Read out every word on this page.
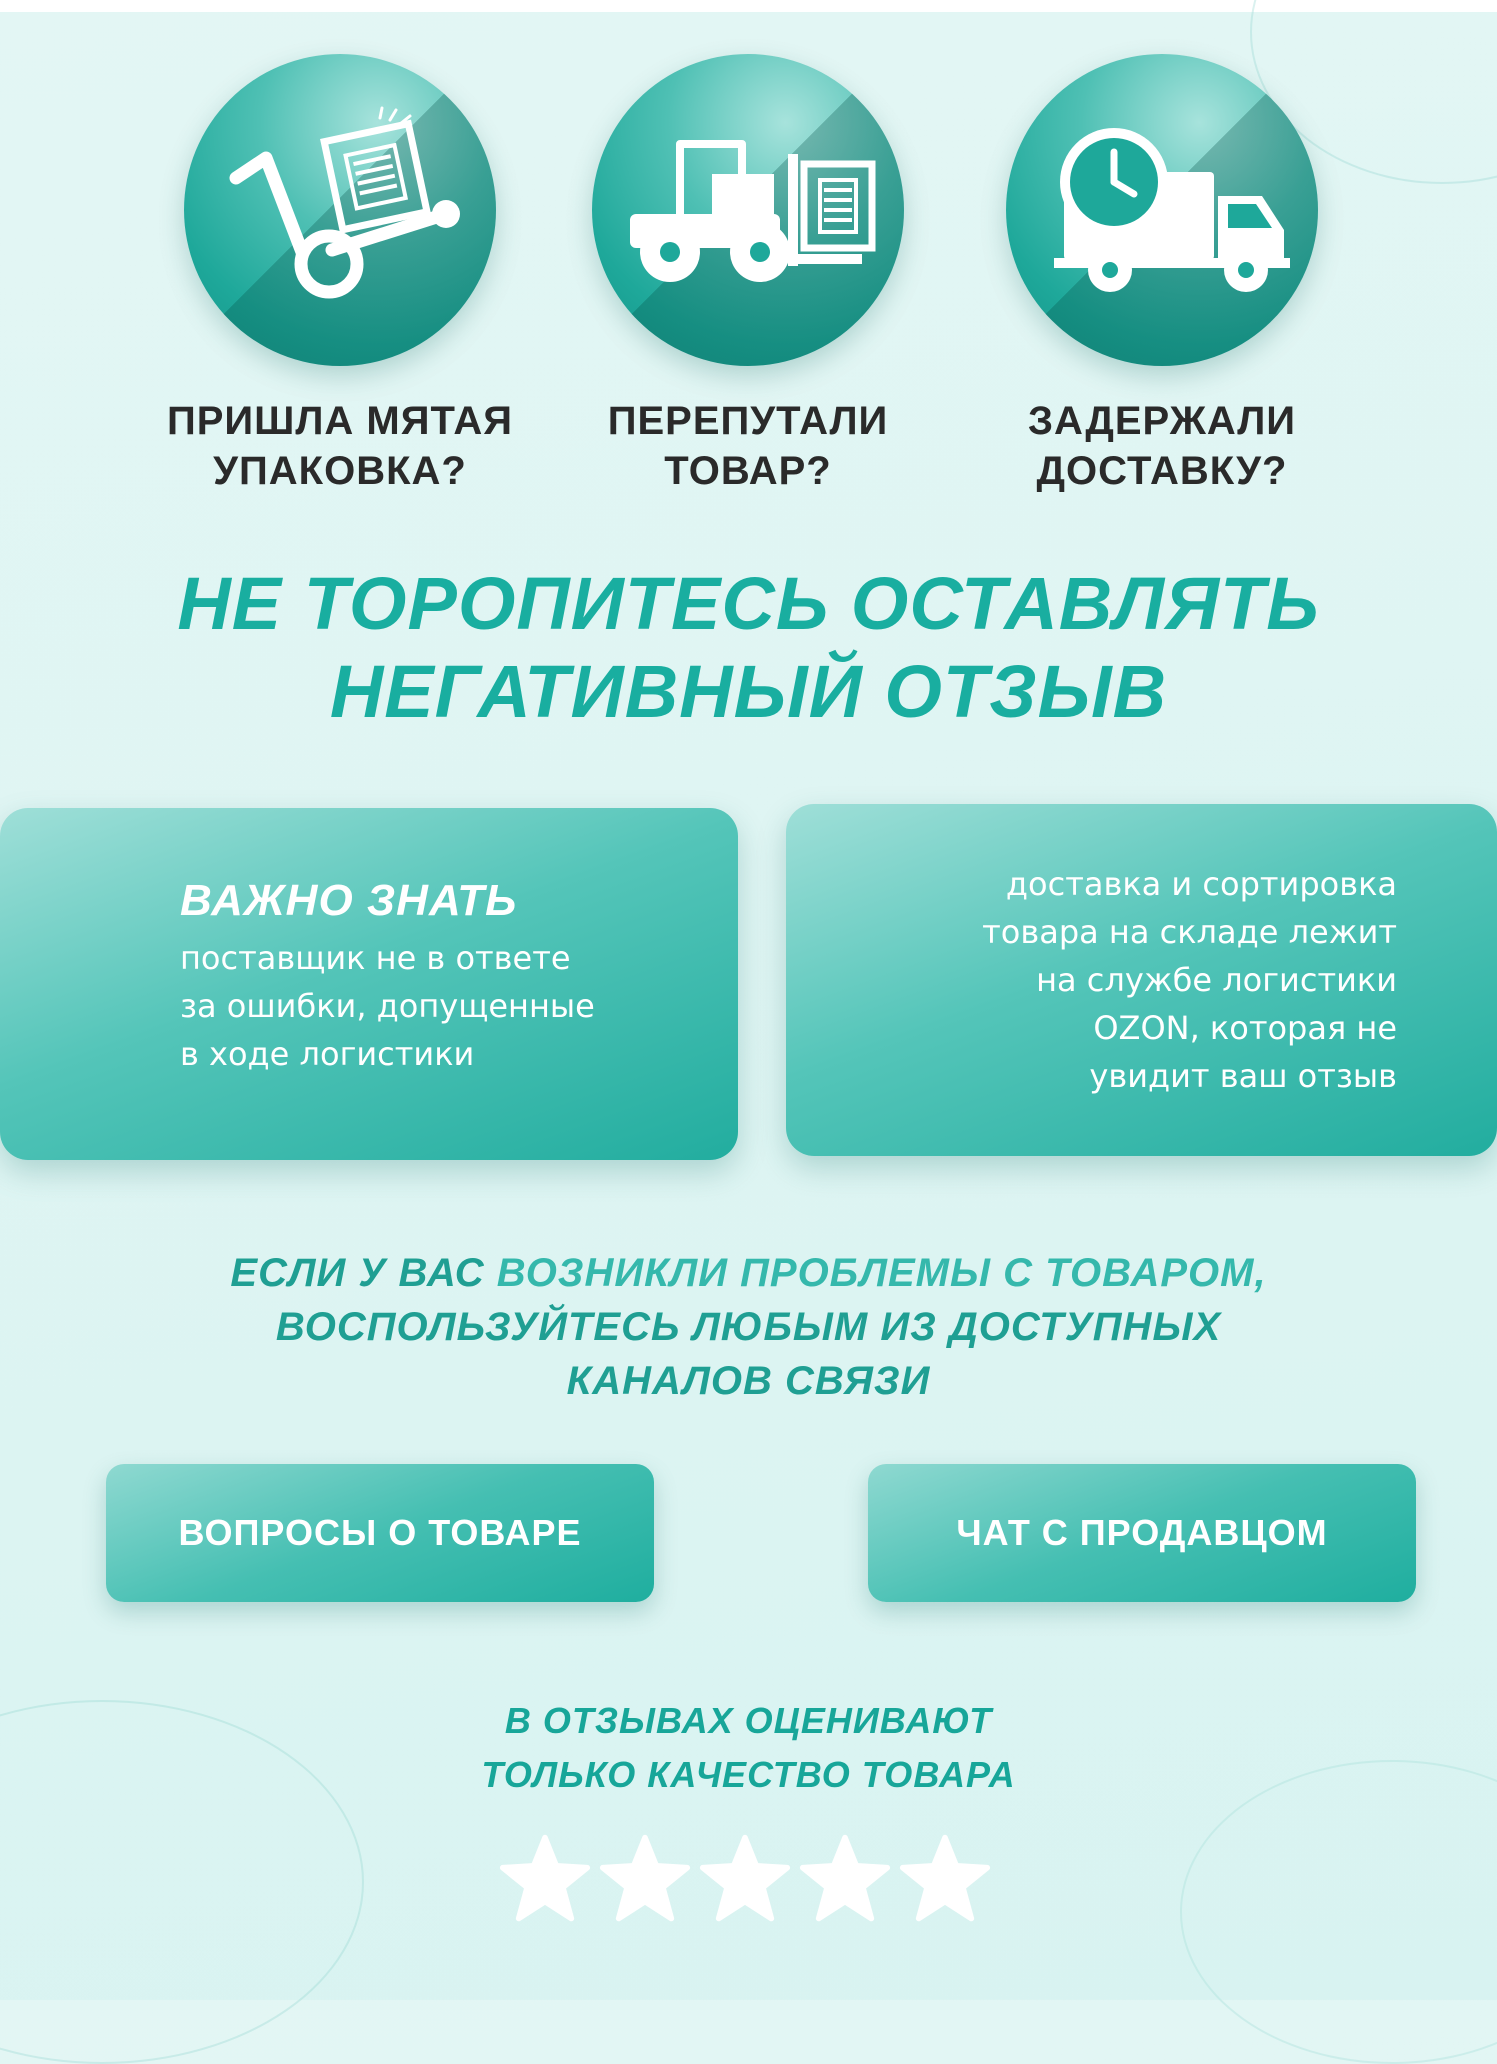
ПРИШЛА МЯТАЯ
УПАКОВКА?
ПЕРЕПУТАЛИ
ТОВАР?
ЗАДЕРЖАЛИ
ДОСТАВКУ?
НЕ ТОРОПИТЕСЬ ОСТАВЛЯТЬ
НЕГАТИВНЫЙ ОТЗЫВ
ВАЖНО ЗНАТЬ
поставщик не в ответе
за ошибки, допущенные
в ходе логистики
доставка и сортировка
товара на складе лежит
на службе логистики
OZON, которая не
увидит ваш отзыв
ЕСЛИ У ВАС ВОЗНИКЛИ ПРОБЛЕМЫ С ТОВАРОМ,
ВОСПОЛЬЗУЙТЕСЬ ЛЮБЫМ ИЗ ДОСТУПНЫХ
КАНАЛОВ СВЯЗИ
ВОПРОСЫ О ТОВАРЕ	ЧАТ С ПРОДАВЦОМ
В ОТЗЫВАХ ОЦЕНИВАЮТ
ТОЛЬКО КАЧЕСТВО ТОВАРА
